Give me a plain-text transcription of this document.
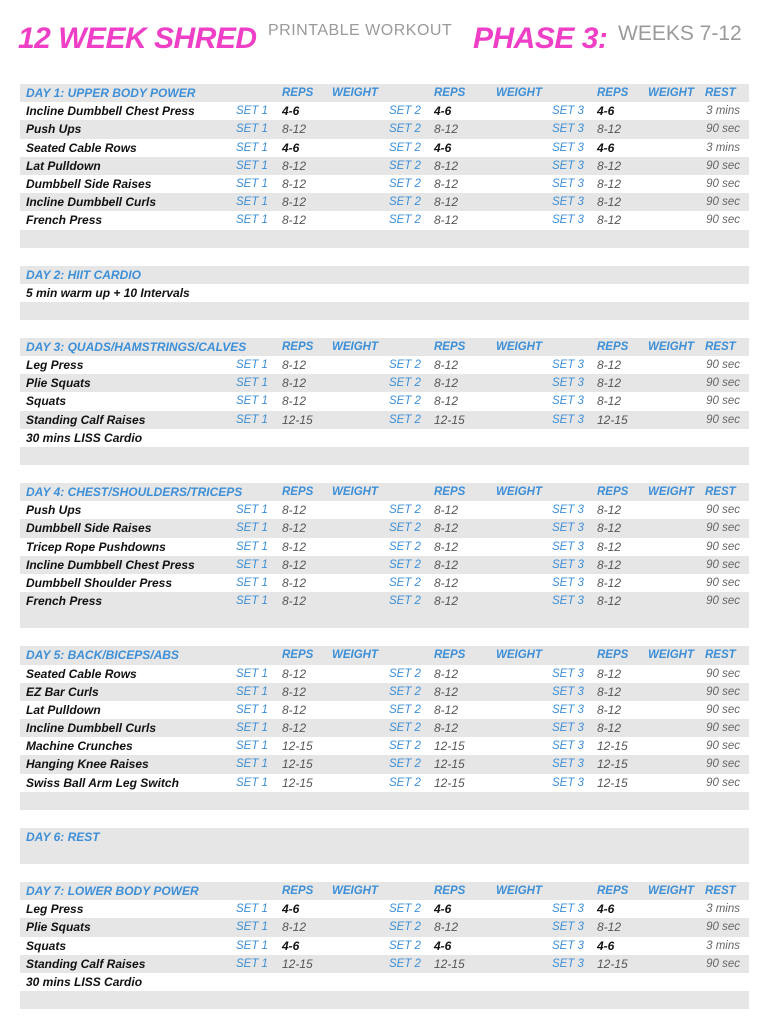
12 WEEK SHRED PRINTABLE WORKOUT PHASE 3: WEEKS 7-12
DAY 1: UPPER BODY POWER	REPS WEIGHT	REPS	WEIGHT	REPS WEIGHT REST
Incline Dumbbell Chest Press	SET 1 4-6	SET 2 4-6	SET 3 4-6	3 mins
Push Ups	SET 1 8-12	SET 2 8-12	SET 3 8-12	90 sec
Seated Cable Rows	SET 1 4-6	SET 2 4-6	SET 3 4-6	3 mins
Lat Pulldown	SET 1 8-12	SET 2 8-12	SET 3 8-12	90 sec
Dumbbell Side Raises	SET 1 8-12	SET 2 8-12	SET 3 8-12	90 sec
Incline Dumbbell Curls	SET 1 8-12	SET 2 8-12	SET 3 8-12	90 sec
French Press	SET 1 8-12	SET 2 8-12	SET 3 8-12	90 sec
DAY 2: HIIT CARDIO
5 min warm up + 10 Intervals
DAY 3: QUADS/HAMSTRINGS/CALVES	REPS WEIGHT	REPS	WEIGHT	REPS WEIGHT REST
Leg Press	SET 1 8-12	SET 2 8-12	SET 3 8-12	90 sec
Plie Squats	SET 1 8-12	SET 2 8-12	SET 3 8-12	90 sec
Squats	SET 1 8-12	SET 2 8-12	SET 3 8-12	90 sec
Standing Calf Raises	SET 1 12-15	SET 2 12-15	SET 3 12-15	90 sec
30 mins LISS Cardio
DAY 4: CHEST/SHOULDERS/TRICEPS	REPS WEIGHT	REPS	WEIGHT	REPS WEIGHT REST
Push Ups	SET 1 8-12	SET 2 8-12	SET 3 8-12	90 sec
Dumbbell Side Raises	SET 1 8-12	SET 2 8-12	SET 3 8-12	90 sec
Tricep Rope Pushdowns	SET 1 8-12	SET 2 8-12	SET 3 8-12	90 sec
Incline Dumbbell Chest Press	SET 1 8-12	SET 2 8-12	SET 3 8-12	90 sec
Dumbbell Shoulder Press	SET 1 8-12	SET 2 8-12	SET 3 8-12	90 sec
French Press	SET 1 8-12	SET 2 8-12	SET 3 8-12	90 sec
DAY 5: BACK/BICEPS/ABS	REPS WEIGHT	REPS	WEIGHT	REPS WEIGHT REST
Seated Cable Rows	SET 1 8-12	SET 2 8-12	SET 3 8-12	90 sec
EZ Bar Curls	SET 1 8-12	SET 2 8-12	SET 3 8-12	90 sec
Lat Pulldown	SET 1 8-12	SET 2 8-12	SET 3 8-12	90 sec
Incline Dumbbell Curls	SET 1 8-12	SET 2 8-12	SET 3 8-12	90 sec
Machine Crunches	SET 1 12-15	SET 2 12-15	SET 3 12-15	90 sec
Hanging Knee Raises	SET 1 12-15	SET 2 12-15	SET 3 12-15	90 sec
Swiss Ball Arm Leg Switch	SET 1 12-15	SET 2 12-15	SET 3 12-15	90 sec
DAY 6: REST
DAY 7: LOWER BODY POWER	REPS WEIGHT	REPS	WEIGHT	REPS WEIGHT REST
Leg Press	SET 1 4-6	SET 2 4-6	SET 3 4-6	3 mins
Plie Squats	SET 1 8-12	SET 2 8-12	SET 3 8-12	90 sec
Squats	SET 1 4-6	SET 2 4-6	SET 3 4-6	3 mins
Standing Calf Raises	SET 1 12-15	SET 2 12-15	SET 3 12-15	90 sec
30 mins LISS Cardio
